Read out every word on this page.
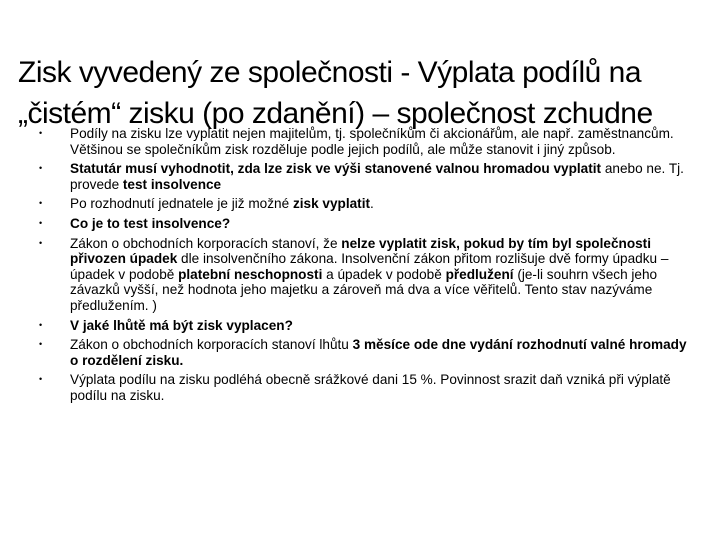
Zisk vyvedený ze společnosti - Výplata podílů na „čistém“ zisku (po zdanění) – společnost zchudne
• Podíly na zisku lze vyplatit nejen majitelům, tj. společníkům či akcionářům, ale např. zaměstnancům. Většinou se společníkům zisk rozděluje podle jejich podílů, ale může stanovit i jiný způsob.
• Statutár musí vyhodnotit, zda lze zisk ve výši stanovené valnou hromadou vyplatit anebo ne. Tj. provede test insolvence
• Po rozhodnutí jednatele je již možné zisk vyplatit.
• Co je to test insolvence?
• Zákon o obchodních korporacích stanoví, že nelze vyplatit zisk, pokud by tím byl společnosti přivozen úpadek dle insolvenčního zákona. Insolvenční zákon přitom rozlišuje dvě formy úpadku – úpadek v podobě platební neschopnosti a úpadek v podobě předlužení (je-li souhrn všech jeho závazků vyšší, než hodnota jeho majetku a zároveň má dva a více věřitelů. Tento stav nazýváme předlužením. )
• V jaké lhůtě má být zisk vyplacen?
• Zákon o obchodních korporacích stanoví lhůtu 3 měsíce ode dne vydání rozhodnutí valné hromady o rozdělení zisku.
• Výplata podílu na zisku podléhá obecně srážkové dani 15 %. Povinnost srazit daň vzniká při výplatě podílu na zisku.
